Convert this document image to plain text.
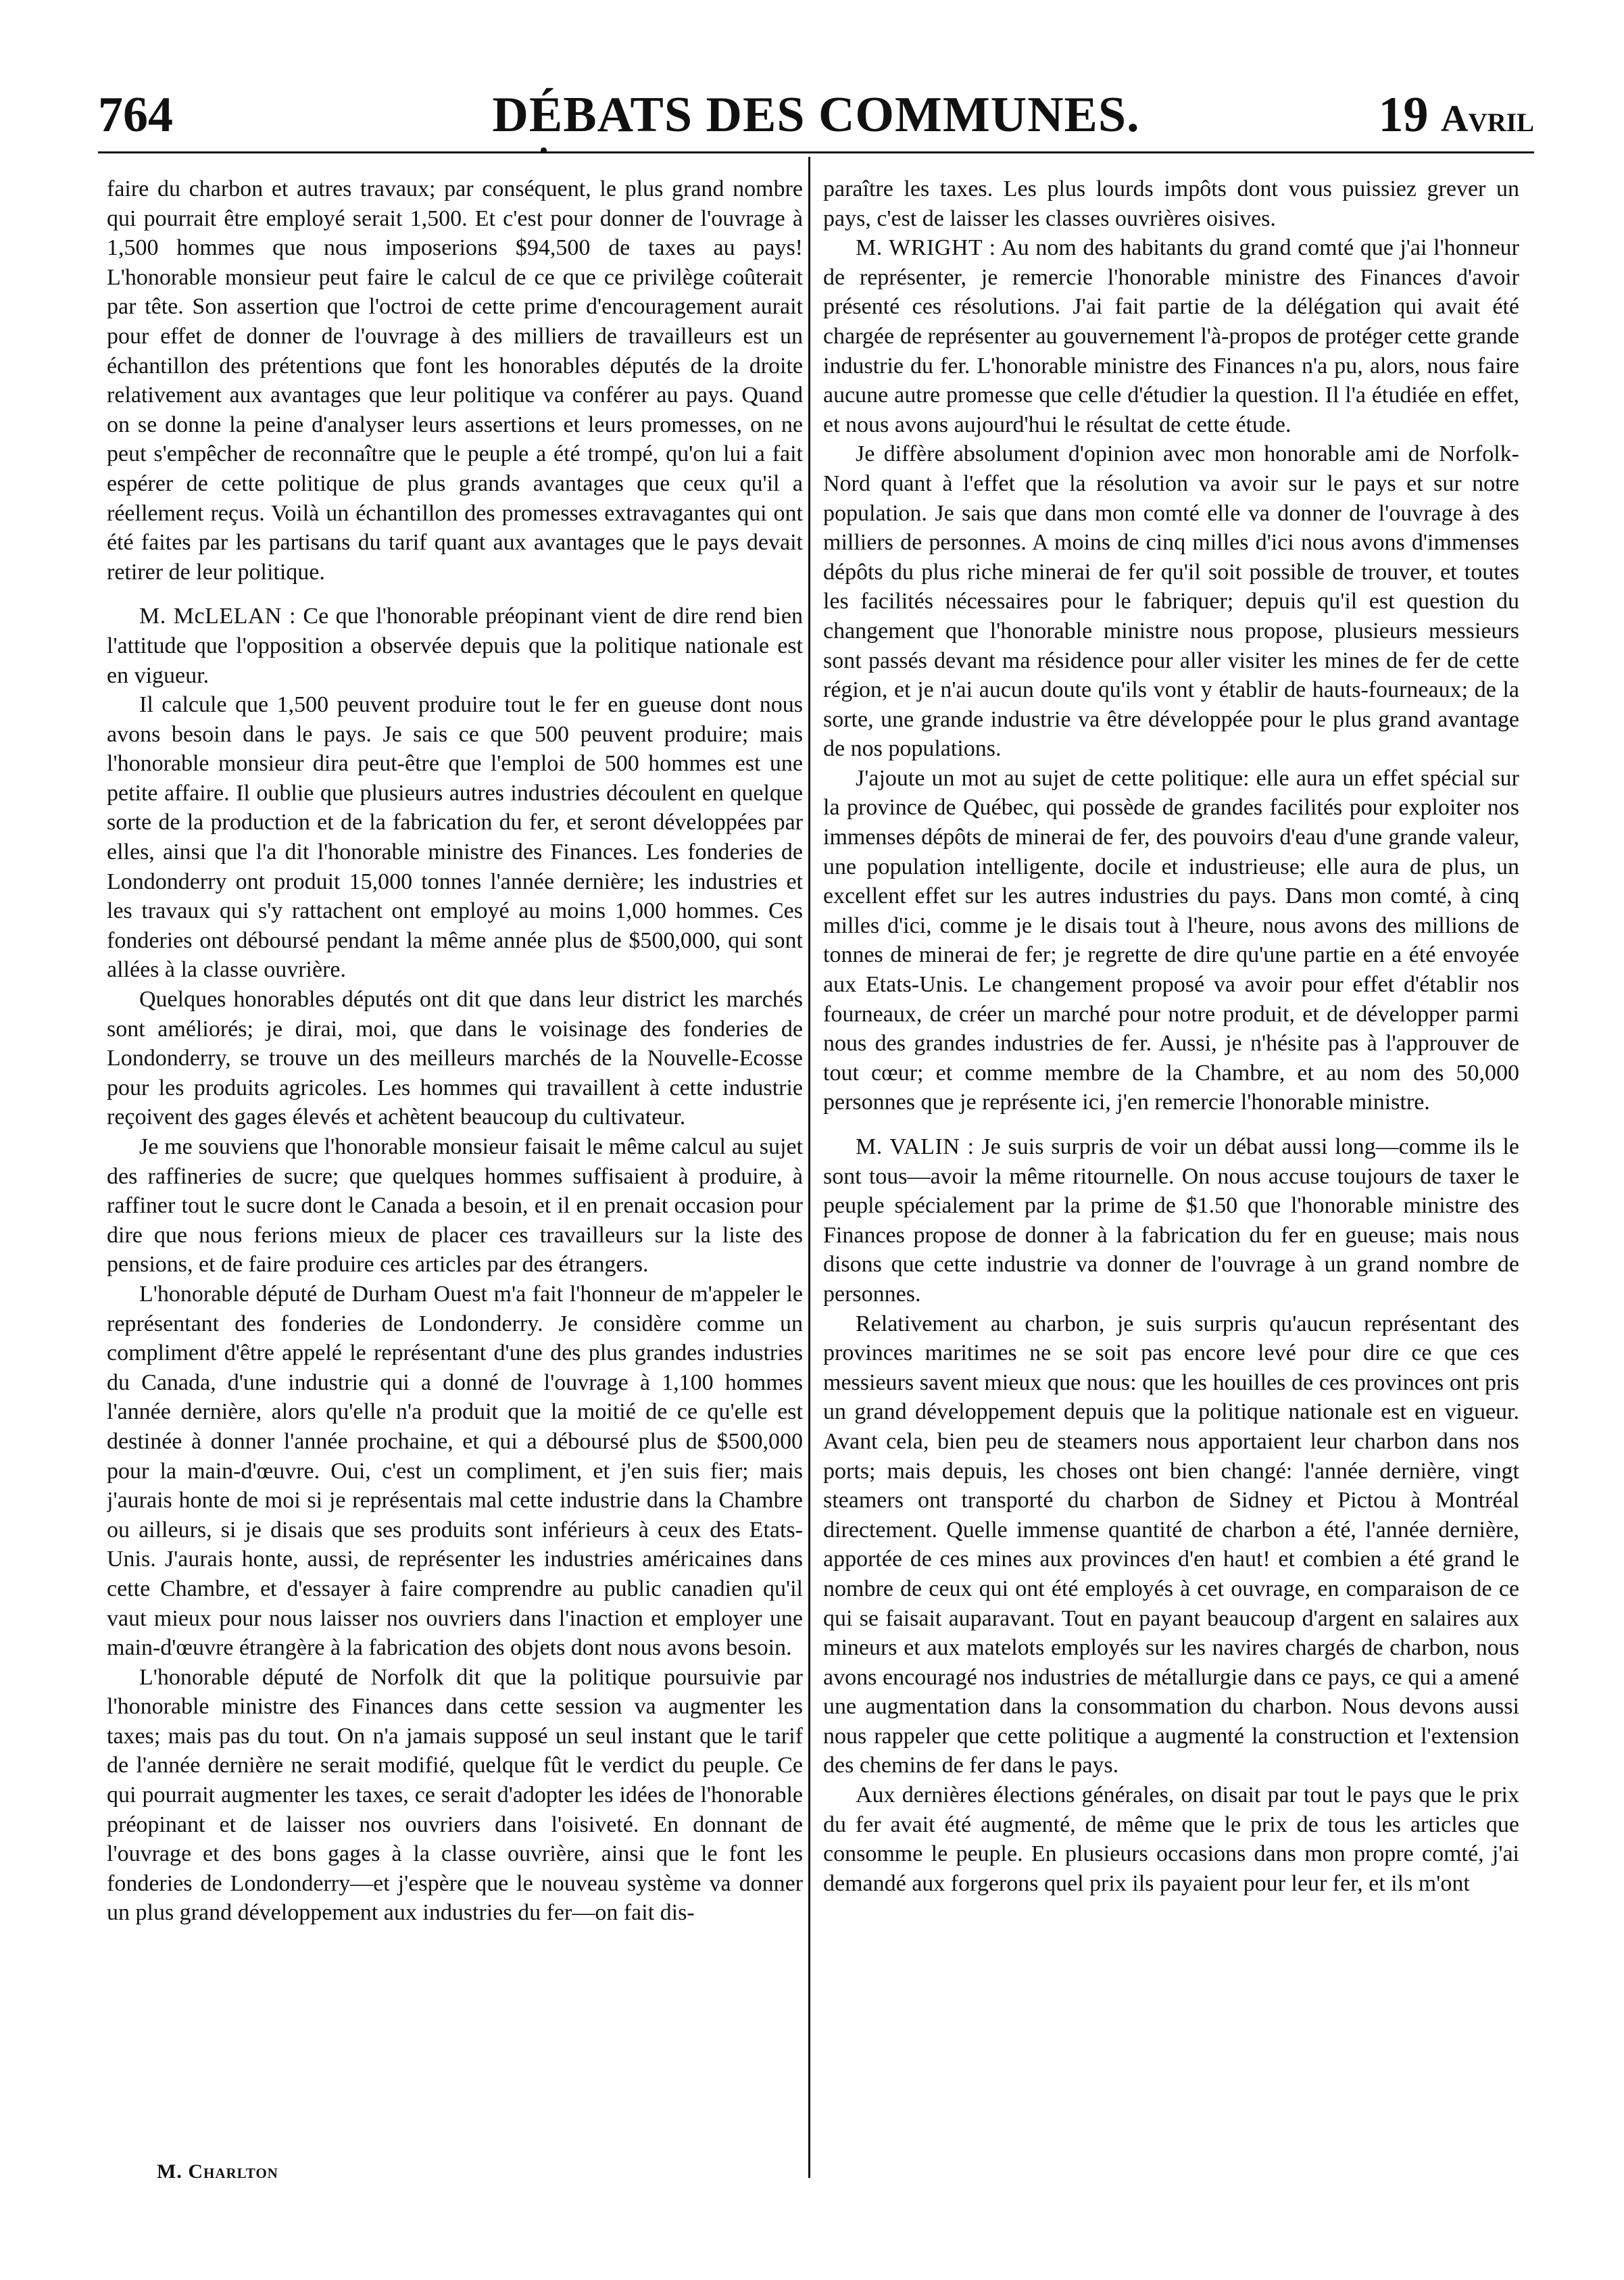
764	DÉBATS DES COMMUNES.	19 Avril

faire du charbon et autres travaux; par conséquent, le plus grand nombre qui pourrait être employé serait 1,500. Et c'est pour donner de l'ouvrage à 1,500 hommes que nous imposerions $94,500 de taxes au pays! L'honorable monsieur peut faire le calcul de ce que ce privilège coûterait par tête. Son assertion que l'octroi de cette prime d'encouragement aurait pour effet de donner de l'ouvrage à des milliers de travailleurs est un échantillon des prétentions que font les honorables députés de la droite relativement aux avantages que leur politique va conférer au pays. Quand on se donne la peine d'analyser leurs assertions et leurs promesses, on ne peut s'empêcher de reconnaître que le peuple a été trompé, qu'on lui a fait espérer de cette politique de plus grands avantages que ceux qu'il a réellement reçus. Voilà un échantillon des promesses extravagantes qui ont été faites par les partisans du tarif quant aux avantages que le pays devait retirer de leur politique.

M. McLELAN : Ce que l'honorable préopinant vient de dire rend bien l'attitude que l'opposition a observée depuis que la politique nationale est en vigueur.

Il calcule que 1,500 peuvent produire tout le fer en gueuse dont nous avons besoin dans le pays. Je sais ce que 500 peuvent produire; mais l'honorable monsieur dira peut-être que l'emploi de 500 hommes est une petite affaire. Il oublie que plusieurs autres industries découlent en quelque sorte de la production et de la fabrication du fer, et seront développées par elles, ainsi que l'a dit l'honorable ministre des Finances. Les fonderies de Londonderry ont produit 15,000 tonnes l'année dernière; les industries et les travaux qui s'y rattachent ont employé au moins 1,000 hommes. Ces fonderies ont déboursé pendant la même année plus de $500,000, qui sont allées à la classe ouvrière.

Quelques honorables députés ont dit que dans leur district les marchés sont améliorés; je dirai, moi, que dans le voisinage des fonderies de Londonderry, se trouve un des meilleurs marchés de la Nouvelle-Ecosse pour les produits agricoles. Les hommes qui travaillent à cette industrie reçoivent des gages élevés et achètent beaucoup du cultivateur.

Je me souviens que l'honorable monsieur faisait le même calcul au sujet des raffineries de sucre; que quelques hommes suffisaient à produire, à raffiner tout le sucre dont le Canada a besoin, et il en prenait occasion pour dire que nous ferions mieux de placer ces travailleurs sur la liste des pensions, et de faire produire ces articles par des étrangers.

L'honorable député de Durham Ouest m'a fait l'honneur de m'appeler le représentant des fonderies de Londonderry. Je considère comme un compliment d'être appelé le représentant d'une des plus grandes industries du Canada, d'une industrie qui a donné de l'ouvrage à 1,100 hommes l'année dernière, alors qu'elle n'a produit que la moitié de ce qu'elle est destinée à donner l'année prochaine, et qui a déboursé plus de $500,000 pour la main-d'œuvre. Oui, c'est un compliment, et j'en suis fier; mais j'aurais honte de moi si je représentais mal cette industrie dans la Chambre ou ailleurs, si je disais que ses produits sont inférieurs à ceux des Etats-Unis. J'aurais honte, aussi, de représenter les industries américaines dans cette Chambre, et d'essayer à faire comprendre au public canadien qu'il vaut mieux pour nous laisser nos ouvriers dans l'inaction et employer une main-d'œuvre étrangère à la fabrication des objets dont nous avons besoin.

L'honorable député de Norfolk dit que la politique poursuivie par l'honorable ministre des Finances dans cette session va augmenter les taxes; mais pas du tout. On n'a jamais supposé un seul instant que le tarif de l'année dernière ne serait modifié, quelque fût le verdict du peuple. Ce qui pourrait augmenter les taxes, ce serait d'adopter les idées de l'honorable préopinant et de laisser nos ouvriers dans l'oisiveté. En donnant de l'ouvrage et des bons gages à la classe ouvrière, ainsi que le font les fonderies de Londonderry—et j'espère que le nouveau système va donner un plus grand développement aux industries du fer—on fait dis-

paraître les taxes. Les plus lourds impôts dont vous puissiez grever un pays, c'est de laisser les classes ouvrières oisives.

M. WRIGHT : Au nom des habitants du grand comté que j'ai l'honneur de représenter, je remercie l'honorable ministre des Finances d'avoir présenté ces résolutions. J'ai fait partie de la délégation qui avait été chargée de représenter au gouvernement l'à-propos de protéger cette grande industrie du fer. L'honorable ministre des Finances n'a pu, alors, nous faire aucune autre promesse que celle d'étudier la question. Il l'a étudiée en effet, et nous avons aujourd'hui le résultat de cette étude.

Je diffère absolument d'opinion avec mon honorable ami de Norfolk-Nord quant à l'effet que la résolution va avoir sur le pays et sur notre population. Je sais que dans mon comté elle va donner de l'ouvrage à des milliers de personnes. A moins de cinq milles d'ici nous avons d'immenses dépôts du plus riche minerai de fer qu'il soit possible de trouver, et toutes les facilités nécessaires pour le fabriquer; depuis qu'il est question du changement que l'honorable ministre nous propose, plusieurs messieurs sont passés devant ma résidence pour aller visiter les mines de fer de cette région, et je n'ai aucun doute qu'ils vont y établir de hauts-fourneaux; de la sorte, une grande industrie va être développée pour le plus grand avantage de nos populations.

J'ajoute un mot au sujet de cette politique: elle aura un effet spécial sur la province de Québec, qui possède de grandes facilités pour exploiter nos immenses dépôts de minerai de fer, des pouvoirs d'eau d'une grande valeur, une population intelligente, docile et industrieuse; elle aura de plus, un excellent effet sur les autres industries du pays. Dans mon comté, à cinq milles d'ici, comme je le disais tout à l'heure, nous avons des millions de tonnes de minerai de fer; je regrette de dire qu'une partie en a été envoyée aux Etats-Unis. Le changement proposé va avoir pour effet d'établir nos fourneaux, de créer un marché pour notre produit, et de développer parmi nous des grandes industries de fer. Aussi, je n'hésite pas à l'approuver de tout cœur; et comme membre de la Chambre, et au nom des 50,000 personnes que je représente ici, j'en remercie l'honorable ministre.

M. VALIN : Je suis surpris de voir un débat aussi long—comme ils le sont tous—avoir la même ritournelle. On nous accuse toujours de taxer le peuple spécialement par la prime de $1.50 que l'honorable ministre des Finances propose de donner à la fabrication du fer en gueuse; mais nous disons que cette industrie va donner de l'ouvrage à un grand nombre de personnes.

Relativement au charbon, je suis surpris qu'aucun représentant des provinces maritimes ne se soit pas encore levé pour dire ce que ces messieurs savent mieux que nous: que les houilles de ces provinces ont pris un grand développement depuis que la politique nationale est en vigueur. Avant cela, bien peu de steamers nous apportaient leur charbon dans nos ports; mais depuis, les choses ont bien changé: l'année dernière, vingt steamers ont transporté du charbon de Sidney et Pictou à Montréal directement. Quelle immense quantité de charbon a été, l'année dernière, apportée de ces mines aux provinces d'en haut! et combien a été grand le nombre de ceux qui ont été employés à cet ouvrage, en comparaison de ce qui se faisait auparavant. Tout en payant beaucoup d'argent en salaires aux mineurs et aux matelots employés sur les navires chargés de charbon, nous avons encouragé nos industries de métallurgie dans ce pays, ce qui a amené une augmentation dans la consommation du charbon. Nous devons aussi nous rappeler que cette politique a augmenté la construction et l'extension des chemins de fer dans le pays.

Aux dernières élections générales, on disait par tout le pays que le prix du fer avait été augmenté, de même que le prix de tous les articles que consomme le peuple. En plusieurs occasions dans mon propre comté, j'ai demandé aux forgerons quel prix ils payaient pour leur fer, et ils m'ont

M. Charlton
